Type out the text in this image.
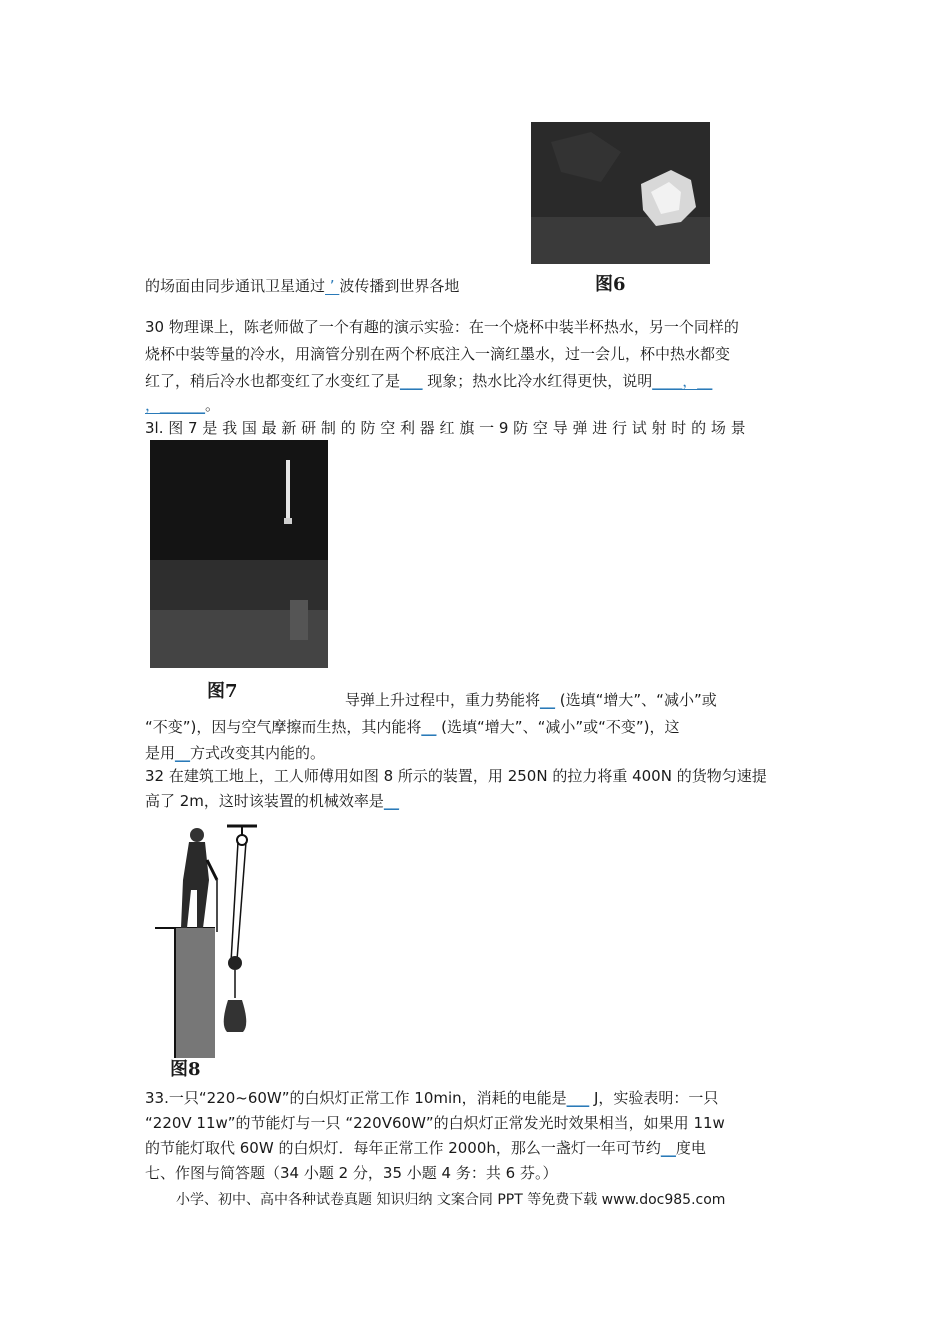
图6
的场面由同步通讯卫星通过 ’ 波传播到世界各地
30 物理课上，陈老师做了一个有趣的演示实验：在一个烧杯中装半杯热水，另一个同样的
烧杯中装等量的冷水，用滴管分别在两个杯底注入一滴红墨水，过一会儿，杯中热水都变
红了，稍后冷水也都变红了水变红了是___ 现象；热水比冷水红得更快，说明____，__
，______。
3l. 图 7 是 我 国 最 新 研 制 的 防 空 利 器 红 旗 一 9 防 空 导 弹 进 行 试 射 时 的 场 景
图7	导弹上升过程中，重力势能将__ (选填“增大”、“减小”或
“不变”)，因与空气摩擦而生热，其内能将__ (选填“增大”、“减小”或“不变”)，这
是用__方式改变其内能的。
32 在建筑工地上，工人师傅用如图 8 所示的装置，用 250N 的拉力将重 400N 的货物匀速提
高了 2m，这时该装置的机械效率是__
图8
33.一只“220~60W”的白炽灯正常工作 10min，消耗的电能是___ J，实验表明：一只
“220V 11w”的节能灯与一只 “220V60W”的白炽灯正常发光时效果相当，如果用 11w
的节能灯取代 60W 的白炽灯．每年正常工作 2000h，那么一盏灯一年可节约__度电
七、作图与简答题（34 小题 2 分，35 小题 4 务：共 6 芬。）
小学、初中、高中各种试卷真题 知识归纳 文案合同 PPT 等免费下载 www.doc985.com
